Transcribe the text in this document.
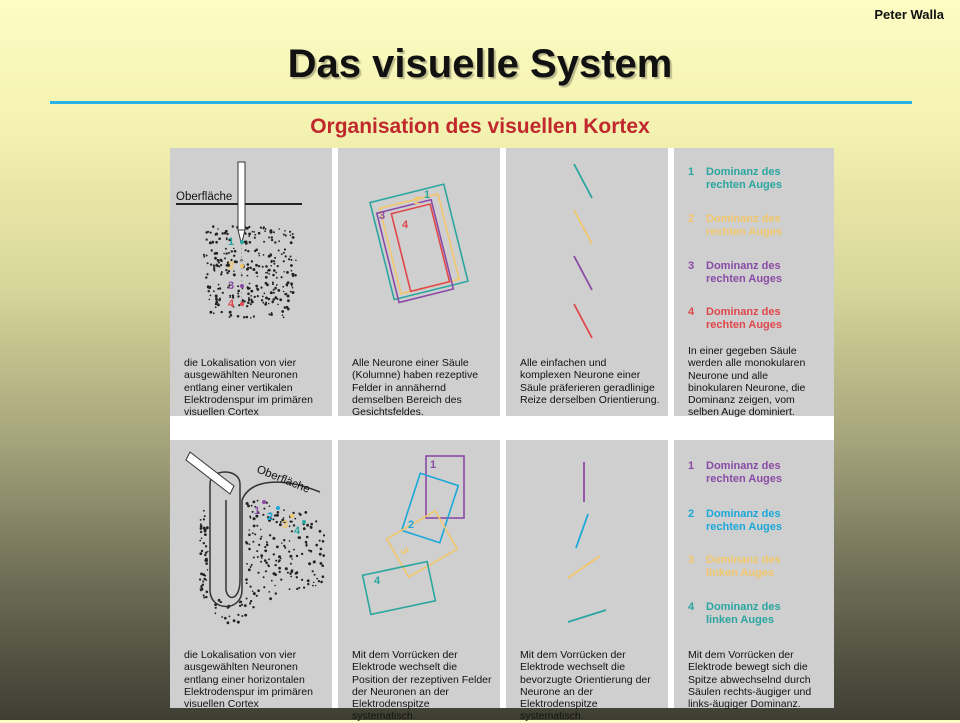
Peter Walla
Das visuelle System
Organisation des visuellen Kortex
Oberfläche
1
2
3
4
die Lokalisation von vier ausgewählten Neuronen entlang einer vertikalen Elektrodenspur im primären visuellen Cortex
1
2
3
4
Alle Neurone einer Säule (Kolumne) haben rezeptive Felder in annähernd demselben Bereich des Gesichtsfeldes.
Alle einfachen und komplexen Neurone einer Säule präferieren geradlinige Reize derselben Orientierung.
1 Dominanz des

rechten Auges
2 Dominanz des

rechten Auges
3 Dominanz des

rechten Auges
4 Dominanz des

rechten Auges
In einer gegeben Säule werden alle monokularen Neurone und alle binokularen Neurone, die Dominanz zeigen, vom selben Auge dominiert.
Oberfläche
1 2
3 4
die Lokalisation von vier ausgewählten Neuronen entlang einer horizontalen Elektrodenspur im primären visuellen Cortex
1
2
3
4
Mit dem Vorrücken der Elektrode wechselt die Position der rezeptiven Felder der Neuronen an der Elektrodenspitze systematisch.
Mit dem Vorrücken der Elektrode wechselt die bevorzugte Orientierung der Neurone an der Elektrodenspitze systematisch.
1 Dominanz des

rechten Auges
2 Dominanz des

rechten Auges
3 Dominanz des

linken Auges
4 Dominanz des

linken Auges
Mit dem Vorrücken der Elektrode bewegt sich die Spitze abwechselnd durch Säulen rechts-äugiger und links-äugiger Dominanz.
